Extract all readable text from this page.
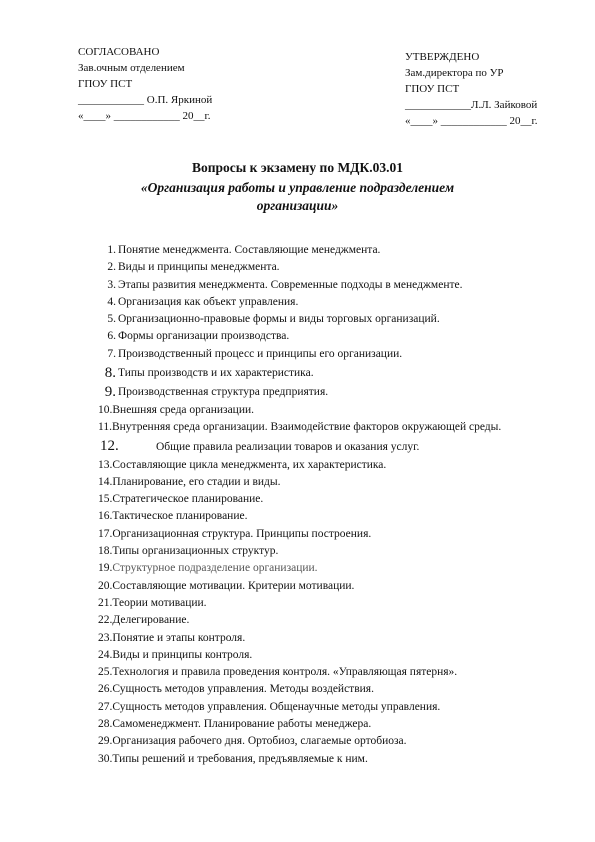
СОГЛАСОВАНО
Зав.очным отделением
ГПОУ ПСТ
____________ О.П. Яркиной
«____» ____________ 20__г.
УТВЕРЖДЕНО
Зам.директора по УР
ГПОУ ПСТ
____________Л.Л. Зайковой
«____» ____________ 20__г.
Вопросы к экзамену по МДК.03.01
«Организация работы и управление подразделением организации»
1. Понятие менеджмента. Составляющие менеджмента.
2. Виды и принципы менеджмента.
3. Этапы развития менеджмента. Современные подходы в менеджменте.
4. Организация как объект управления.
5. Организационно-правовые формы и виды торговых организаций.
6. Формы организации производства.
7. Производственный процесс и принципы его организации.
8. Типы производств и их характеристика.
9. Производственная структура предприятия.
10.Внешняя среда организации.
11.Внутренняя среда организации. Взаимодействие факторов окружающей среды.
12.	Общие правила реализации товаров и оказания услуг.
13.Составляющие цикла менеджмента, их характеристика.
14.Планирование, его стадии и виды.
15.Стратегическое планирование.
16.Тактическое планирование.
17.Организационная структура. Принципы построения.
18.Типы организационных структур.
19.Структурное подразделение организации.
20.Составляющие мотивации. Критерии мотивации.
21.Теории мотивации.
22.Делегирование.
23.Понятие и этапы контроля.
24.Виды и принципы контроля.
25.Технология и правила проведения контроля. «Управляющая пятерня».
26.Сущность методов управления. Методы воздействия.
27.Сущность методов управления. Общенаучные методы управления.
28.Самоменеджмент. Планирование работы менеджера.
29.Организация рабочего дня. Ортобиоз, слагаемые ортобиоза.
30.Типы решений и требования, предъявляемые к ним.
